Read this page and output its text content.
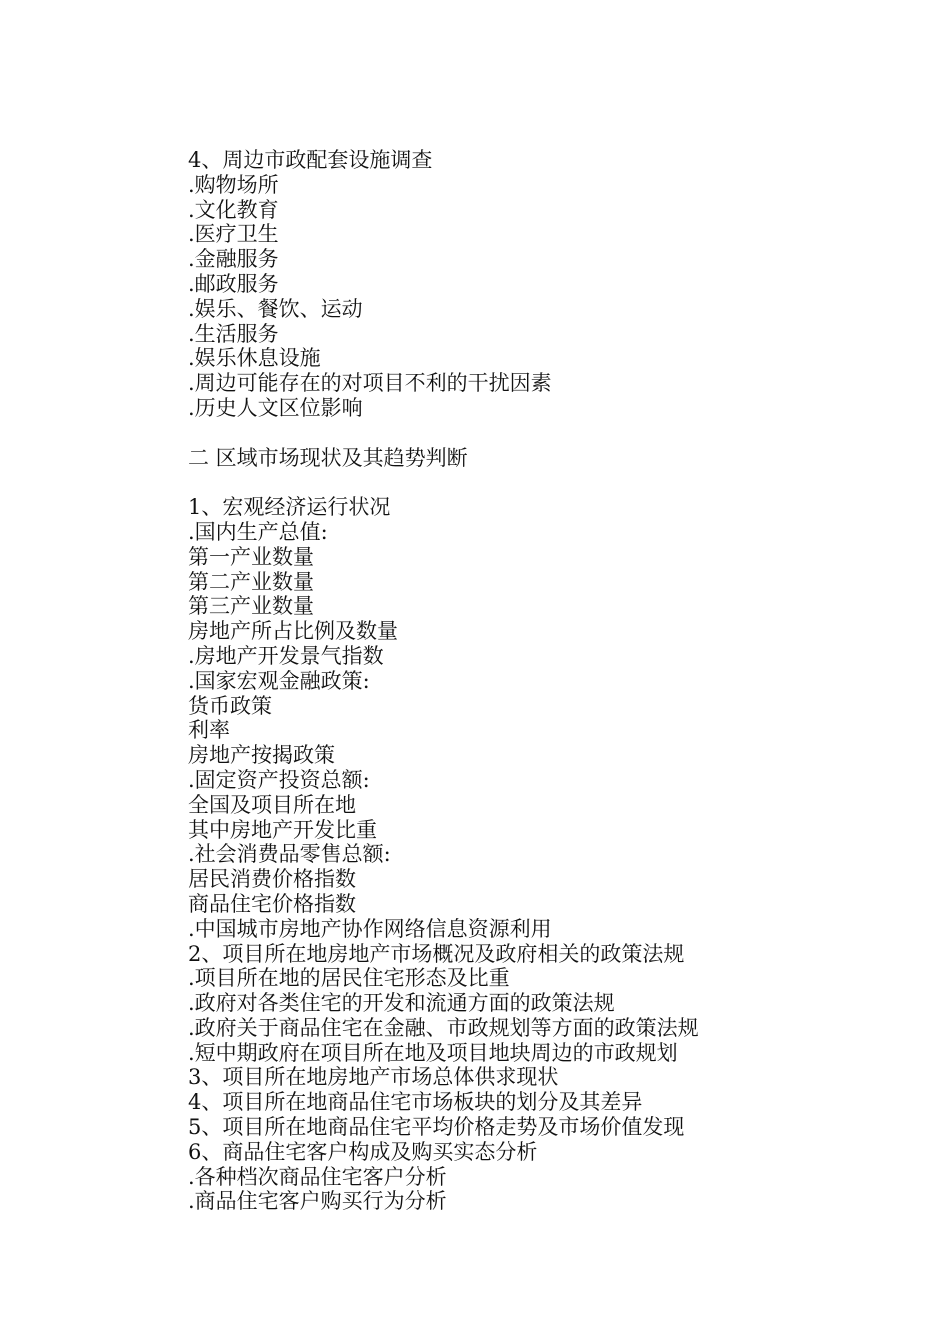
4、周边市政配套设施调查
.购物场所
.文化教育
.医疗卫生
.金融服务
.邮政服务
.娱乐、餐饮、运动
.生活服务
.娱乐休息设施
.周边可能存在的对项目不利的干扰因素
.历史人文区位影响
二 区域市场现状及其趋势判断
1、宏观经济运行状况
.国内生产总值:
第一产业数量
第二产业数量
第三产业数量
房地产所占比例及数量
.房地产开发景气指数
.国家宏观金融政策:
货币政策
利率
房地产按揭政策
.固定资产投资总额:
全国及项目所在地
其中房地产开发比重
.社会消费品零售总额:
居民消费价格指数
商品住宅价格指数
.中国城市房地产协作网络信息资源利用
2、项目所在地房地产市场概况及政府相关的政策法规
.项目所在地的居民住宅形态及比重
.政府对各类住宅的开发和流通方面的政策法规
.政府关于商品住宅在金融、市政规划等方面的政策法规
.短中期政府在项目所在地及项目地块周边的市政规划
3、项目所在地房地产市场总体供求现状
4、项目所在地商品住宅市场板块的划分及其差异
5、项目所在地商品住宅平均价格走势及市场价值发现
6、商品住宅客户构成及购买实态分析
.各种档次商品住宅客户分析
.商品住宅客户购买行为分析
